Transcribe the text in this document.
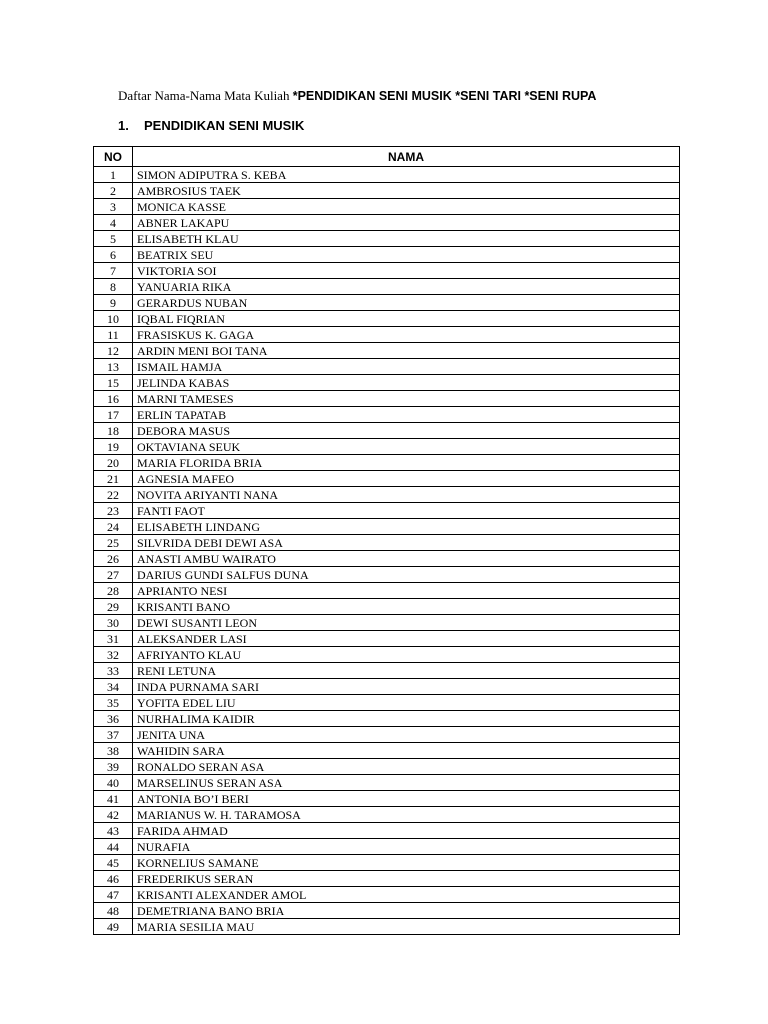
Daftar Nama-Nama Mata Kuliah *PENDIDIKAN SENI MUSIK *SENI TARI *SENI RUPA
1. PENDIDIKAN SENI MUSIK
NO	NAMA
1	SIMON ADIPUTRA S. KEBA
2	AMBROSIUS TAEK
3	MONICA KASSE
4	ABNER LAKAPU
5	ELISABETH KLAU
6	BEATRIX SEU
7	VIKTORIA SOI
8	YANUARIA RIKA
9	GERARDUS NUBAN
10	IQBAL FIQRIAN
11	FRASISKUS K. GAGA
12	ARDIN MENI BOI TANA
13	ISMAIL HAMJA
15	JELINDA KABAS
16	MARNI TAMESES
17	ERLIN TAPATAB
18	DEBORA MASUS
19	OKTAVIANA SEUK
20	MARIA FLORIDA BRIA
21	AGNESIA MAFEO
22	NOVITA ARIYANTI NANA
23	FANTI FAOT
24	ELISABETH LINDANG
25	SILVRIDA DEBI DEWI ASA
26	ANASTI AMBU WAIRATO
27	DARIUS GUNDI SALFUS DUNA
28	APRIANTO NESI
29	KRISANTI BANO
30	DEWI SUSANTI LEON
31	ALEKSANDER LASI
32	AFRIYANTO KLAU
33	RENI LETUNA
34	INDA PURNAMA SARI
35	YOFITA EDEL LIU
36	NURHALIMA KAIDIR
37	JENITA UNA
38	WAHIDIN SARA
39	RONALDO SERAN ASA
40	MARSELINUS SERAN ASA
41	ANTONIA BO’I BERI
42	MARIANUS W. H. TARAMOSA
43	FARIDA AHMAD
44	NURAFIA
45	KORNELIUS SAMANE
46	FREDERIKUS SERAN
47	KRISANTI ALEXANDER AMOL
48	DEMETRIANA BANO BRIA
49	MARIA SESILIA MAU
